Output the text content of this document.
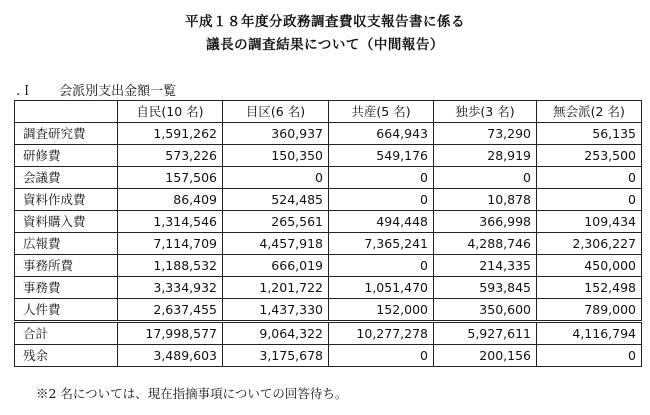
平成１８年度分政務調査費収支報告書に係る
議長の調査結果について（中間報告）
.Ｉ 会派別支出金額一覧
	自民(10 名)	目区(6 名)	共産(5 名)	独歩(3 名)	無会派(2 名)
調査研究費	1,591,262	360,937	664,943	73,290	56,135
研修費	573,226	150,350	549,176	28,919	253,500
会議費	157,506	0	0	0	0
資料作成費	86,409	524,485	0	10,878	0
資料購入費	1,314,546	265,561	494,448	366,998	109,434
広報費	7,114,709	4,457,918	7,365,241	4,288,746	2,306,227
事務所費	1,188,532	666,019	0	214,335	450,000
事務費	3,334,932	1,201,722	1,051,470	593,845	152,498
人件費	2,637,455	1,437,330	152,000	350,600	789,000
合計	17,998,577	9,064,322	10,277,278	5,927,611	4,116,794
残余	3,489,603	3,175,678	0	200,156	0
※2 名については、現在指摘事項についての回答待ち。
